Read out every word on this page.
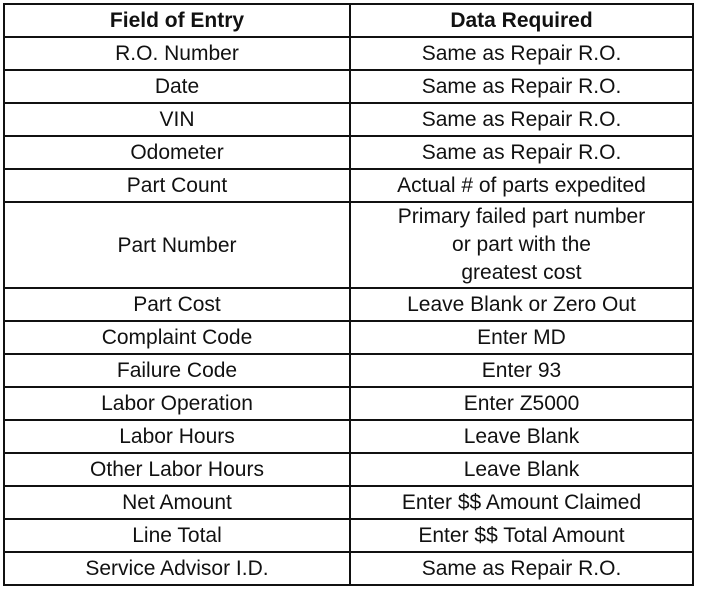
Field of Entry	Data Required
R.O. Number	Same as Repair R.O.
Date	Same as Repair R.O.
VIN	Same as Repair R.O.
Odometer	Same as Repair R.O.
Part Count	Actual # of parts expedited
Part Number	Primary failed part number
or part with the
greatest cost

Part Cost	Leave Blank or Zero Out
Complaint Code	Enter MD
Failure Code	Enter 93
Labor Operation	Enter Z5000
Labor Hours	Leave Blank
Other Labor Hours	Leave Blank
Net Amount	Enter $$ Amount Claimed
Line Total	Enter $$ Total Amount
Service Advisor I.D.	Same as Repair R.O.
